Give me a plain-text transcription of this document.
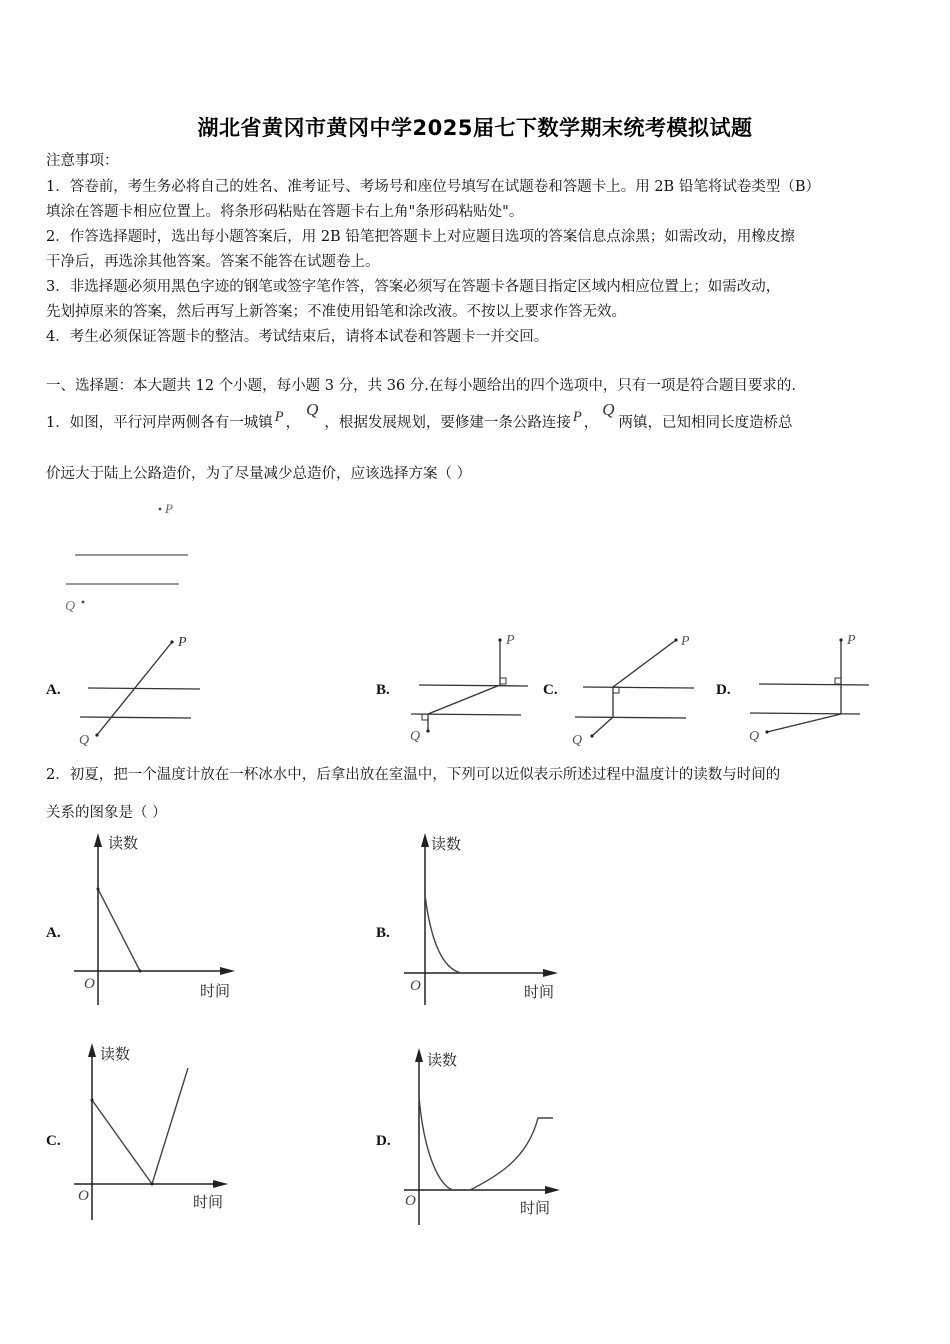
湖北省黄冈市黄冈中学2025届七下数学期末统考模拟试题
注意事项：
1．答卷前，考生务必将自己的姓名、准考证号、考场号和座位号填写在试题卷和答题卡上。用 2B 铅笔将试卷类型（B）
填涂在答题卡相应位置上。将条形码粘贴在答题卡右上角"条形码粘贴处"。
2．作答选择题时，选出每小题答案后，用 2B 铅笔把答题卡上对应题目选项的答案信息点涂黑；如需改动，用橡皮擦
干净后，再选涂其他答案。答案不能答在试题卷上。
3．非选择题必须用黑色字迹的钢笔或签字笔作答，答案必须写在答题卡各题目指定区域内相应位置上；如需改动，
先划掉原来的答案，然后再写上新答案；不准使用铅笔和涂改液。不按以上要求作答无效。
4．考生必须保证答题卡的整洁。考试结束后，请将本试卷和答题卡一并交回。
一、选择题：本大题共 12 个小题，每小题 3 分，共 36 分.在每小题给出的四个选项中，只有一项是符合题目要求的.
1．如图，平行河岸两侧各有一城镇 P ，Q，根据发展规划，要修建一条公路连接 P ，Q两镇，已知相同长度造桥总
价远大于陆上公路造价，为了尽量减少总造价，应该选择方案（ ）
P
Q
A.
P
Q
B.
P
Q
C.
P
Q
D.
P
Q
2．初夏，把一个温度计放在一杯冰水中，后拿出放在室温中，下列可以近似表示所述过程中温度计的读数与时间的
关系的图象是（ ）
A.
读数
O	时间
B.
读数
O	时间
C.
读数
O	时间
D.
读数
O	时间
